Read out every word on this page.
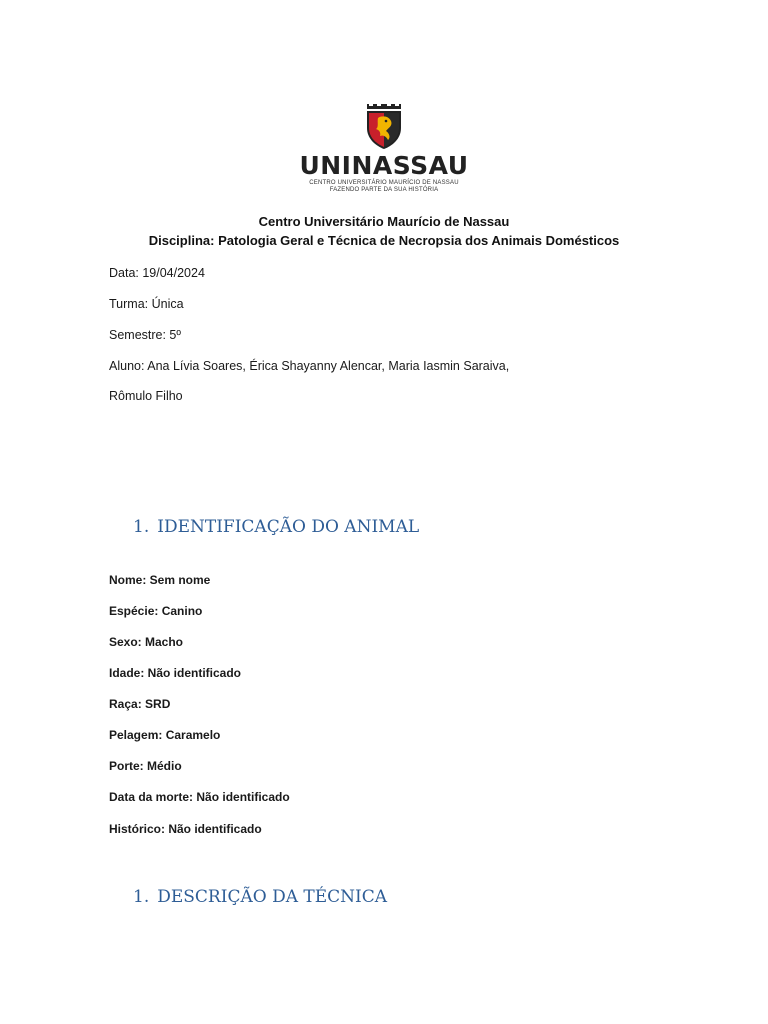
UNINASSAU
CENTRO UNIVERSITÁRIO MAURÍCIO DE NASSAU
FAZENDO PARTE DA SUA HISTÓRIA
Centro Universitário Maurício de Nassau
Disciplina: Patologia Geral e Técnica de Necropsia dos Animais Domésticos
Data: 19/04/2024
Turma: Única
Semestre: 5º
Aluno: Ana Lívia Soares, Érica Shayanny Alencar, Maria Iasmin Saraiva,
Rômulo Filho
1. IDENTIFICAÇÃO DO ANIMAL
Nome: Sem nome
Espécie: Canino
Sexo: Macho
Idade: Não identificado
Raça: SRD
Pelagem: Caramelo
Porte: Médio
Data da morte: Não identificado
Histórico: Não identificado
1. DESCRIÇÃO DA TÉCNICA
